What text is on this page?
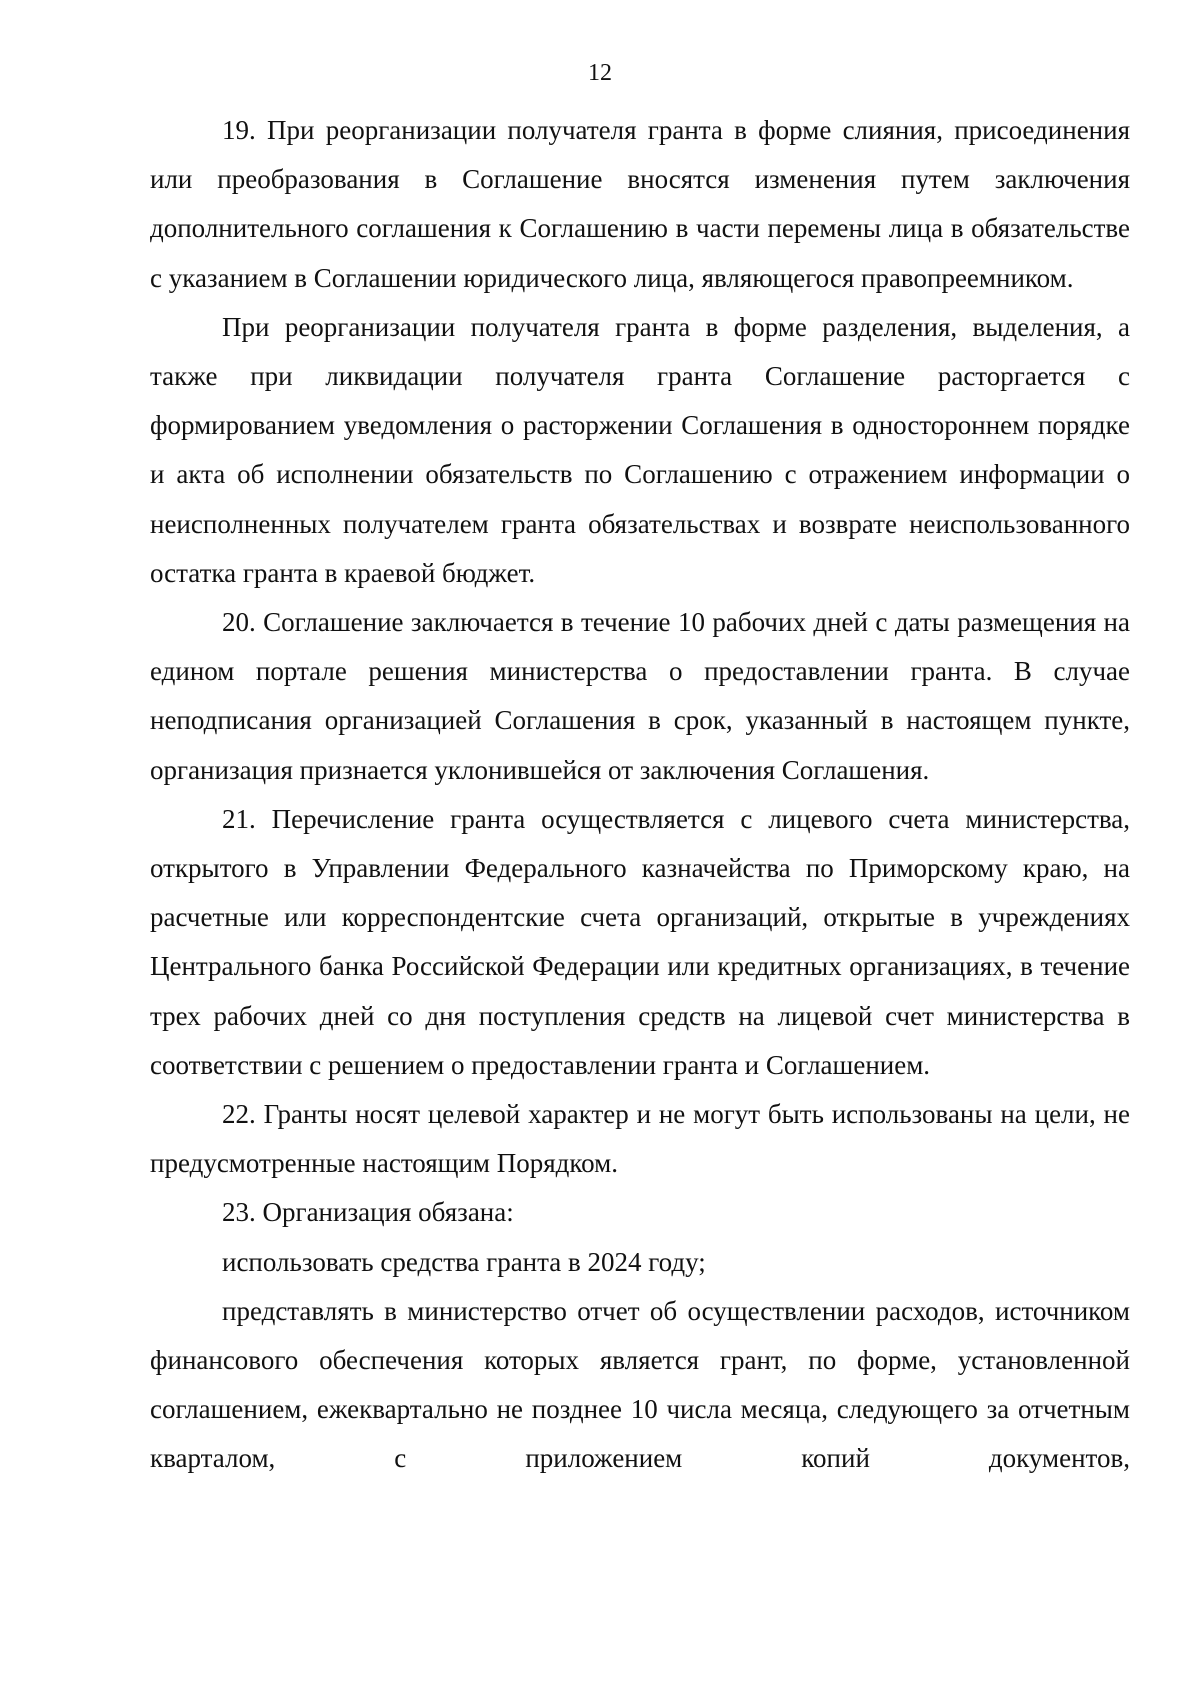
12

19. При реорганизации получателя гранта в форме слияния, присоединения или преобразования в Соглашение вносятся изменения путем заключения дополнительного соглашения к Соглашению в части перемены лица в обязательстве с указанием в Соглашении юридического лица, являющегося правопреемником.

При реорганизации получателя гранта в форме разделения, выделения, а также при ликвидации получателя гранта Соглашение расторгается с формированием уведомления о расторжении Соглашения в одностороннем порядке и акта об исполнении обязательств по Соглашению с отражением информации о неисполненных получателем гранта обязательствах и возврате неиспользованного остатка гранта в краевой бюджет.

20. Соглашение заключается в течение 10 рабочих дней с даты размещения на едином портале решения министерства о предоставлении гранта. В случае неподписания организацией Соглашения в срок, указанный в настоящем пункте, организация признается уклонившейся от заключения Соглашения.

21. Перечисление гранта осуществляется с лицевого счета министерства, открытого в Управлении Федерального казначейства по Приморскому краю, на расчетные или корреспондентские счета организаций, открытые в учреждениях Центрального банка Российской Федерации или кредитных организациях, в течение трех рабочих дней со дня поступления средств на лицевой счет министерства в соответствии с решением о предоставлении гранта и Соглашением.

22. Гранты носят целевой характер и не могут быть использованы на цели, не предусмотренные настоящим Порядком.

23. Организация обязана:

использовать средства гранта в 2024 году;

представлять в министерство отчет об осуществлении расходов, источником финансового обеспечения которых является грант, по форме, установленной соглашением, ежеквартально не позднее 10 числа месяца, следующего за отчетным кварталом, с приложением копий документов,
